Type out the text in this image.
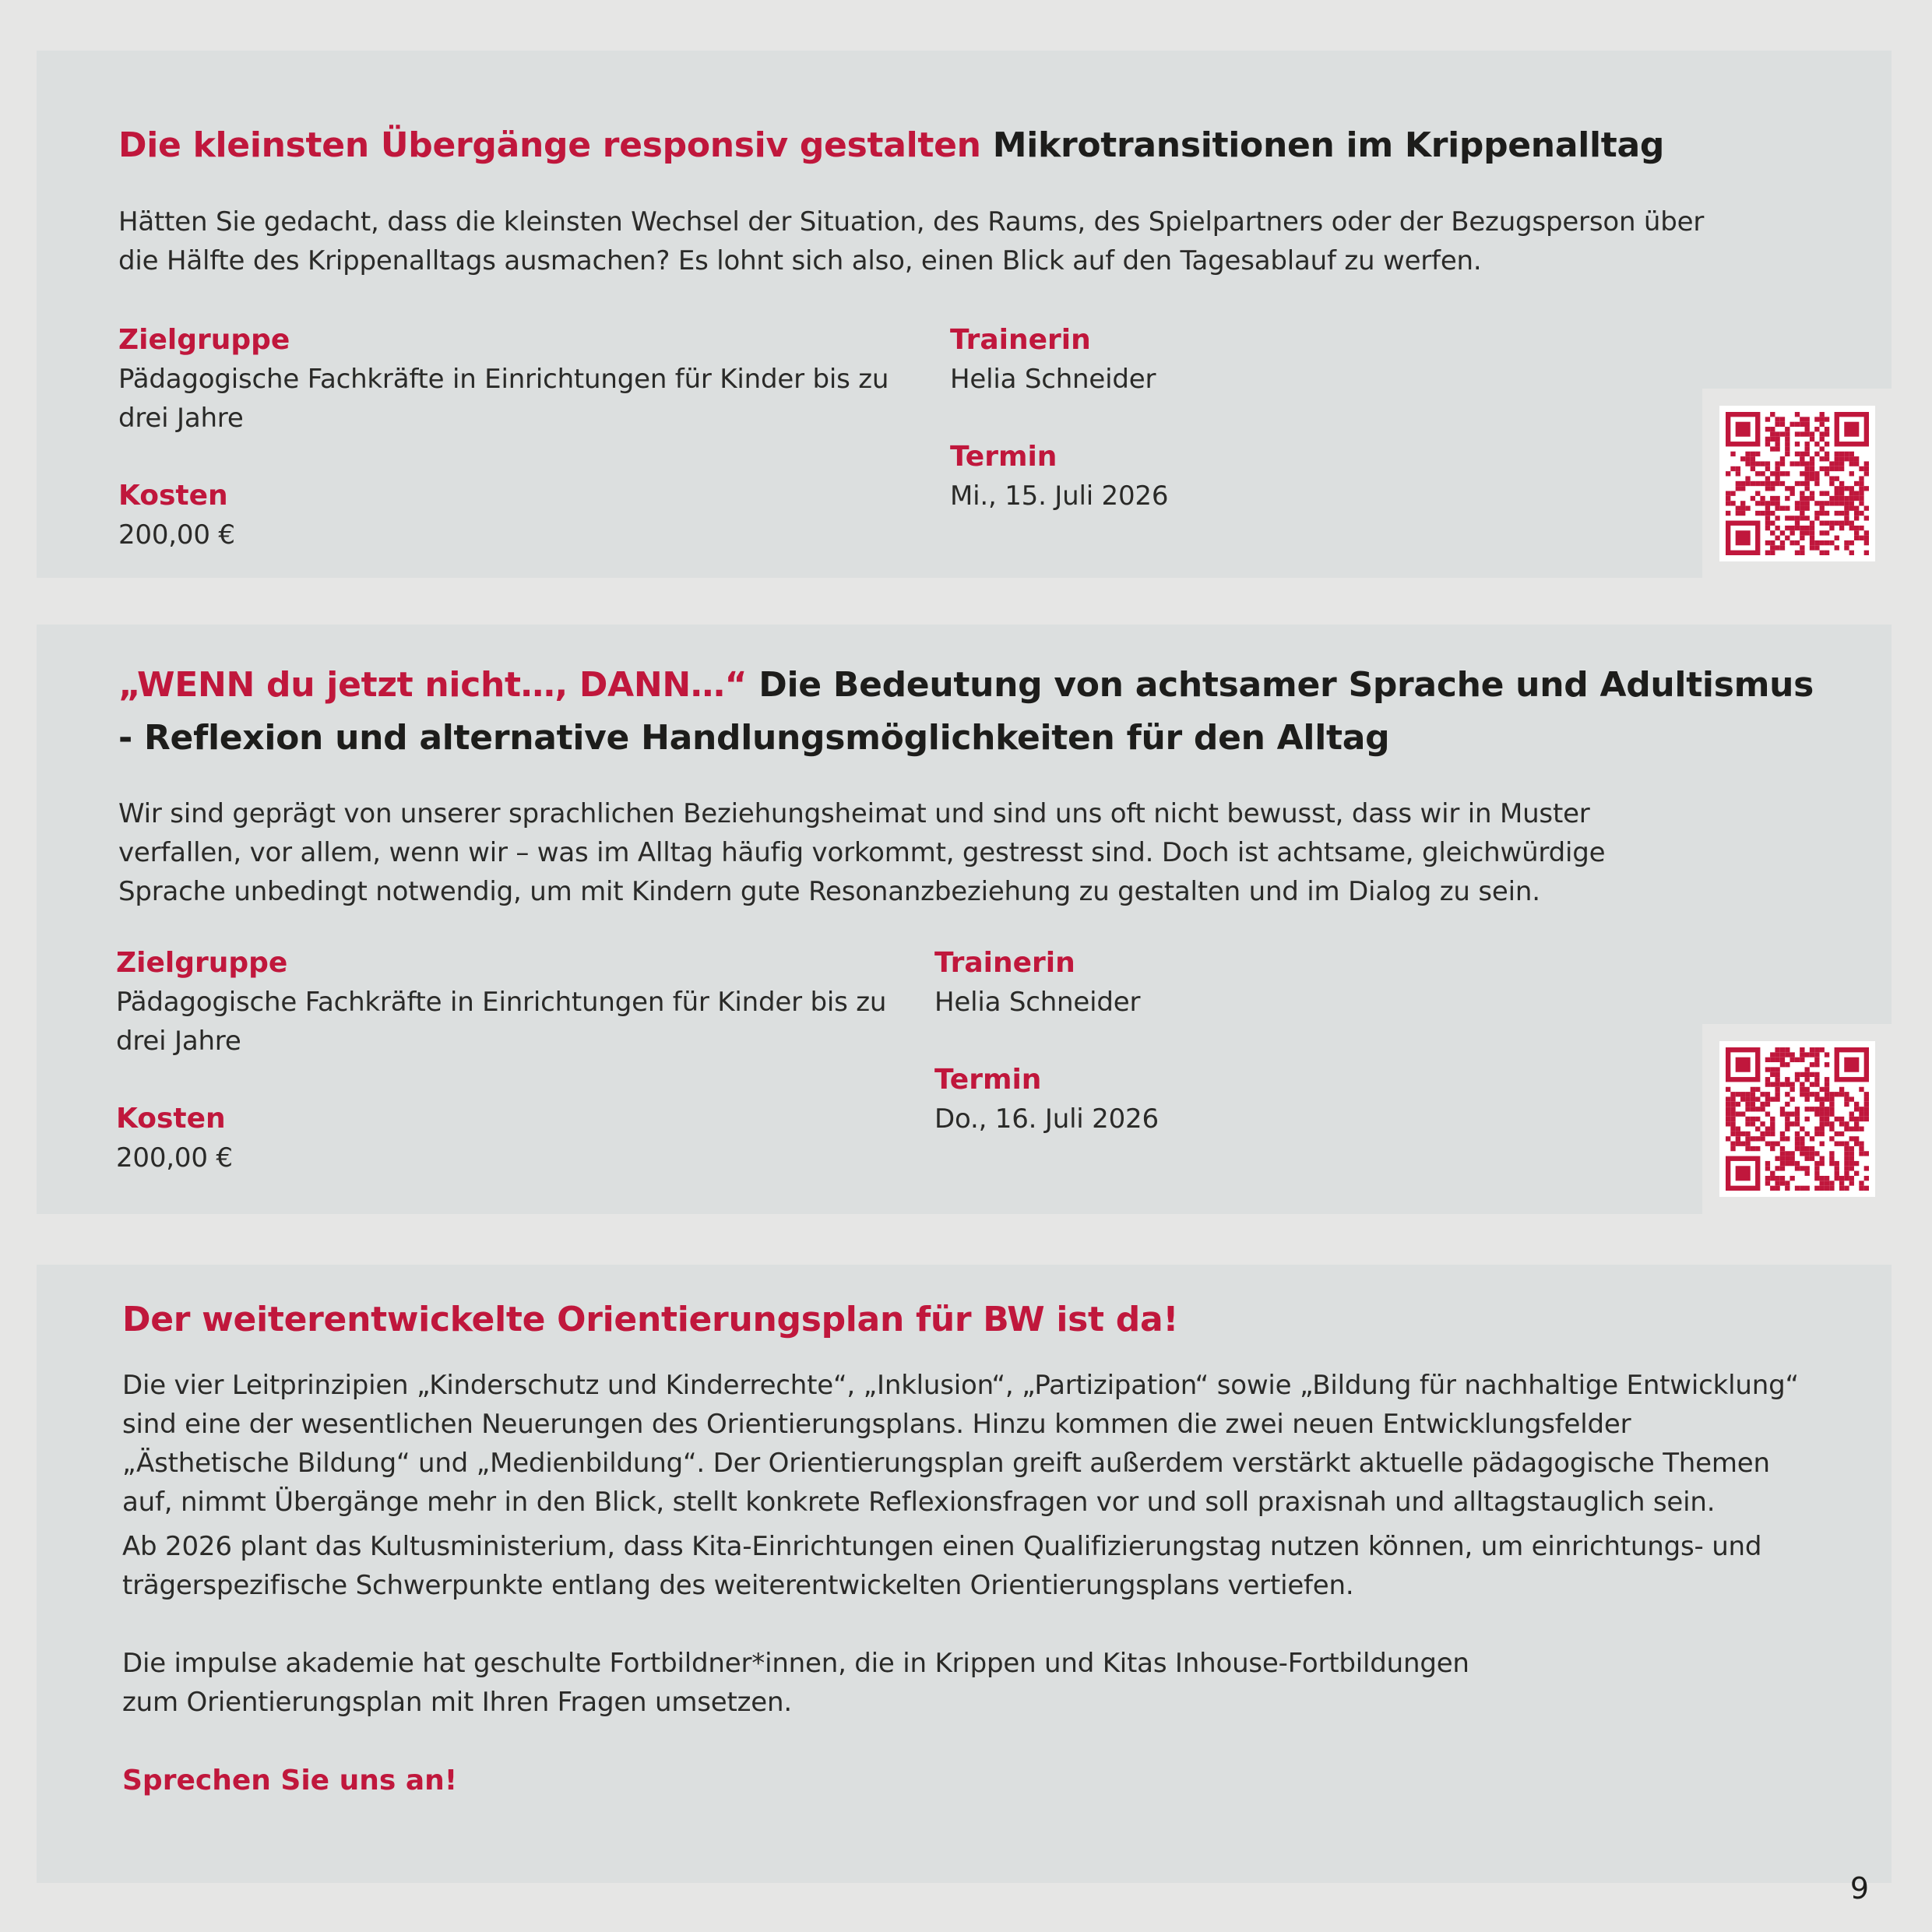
Die kleinsten Übergänge responsiv gestalten Mikrotransitionen im Krippenalltag

Hätten Sie gedacht, dass die kleinsten Wechsel der Situation, des Raums, des Spielpartners oder der Bezugsperson über
die Hälfte des Krippenalltags ausmachen? Es lohnt sich also, einen Blick auf den Tagesablauf zu werfen.

Zielgruppe

Pädagogische Fachkräfte in Einrichtungen für Kinder bis zu
drei Jahre

Kosten

200,00 €

Trainerin

Helia Schneider

Termin

Mi., 15. Juli 2026

„WENN du jetzt nicht…, DANN…“ Die Bedeutung von achtsamer Sprache und Adultismus
- Reflexion und alternative Handlungsmöglichkeiten für den Alltag

Wir sind geprägt von unserer sprachlichen Beziehungsheimat und sind uns oft nicht bewusst, dass wir in Muster
verfallen, vor allem, wenn wir – was im Alltag häufig vorkommt, gestresst sind. Doch ist achtsame, gleichwürdige
Sprache unbedingt notwendig, um mit Kindern gute Resonanzbeziehung zu gestalten und im Dialog zu sein.

Zielgruppe

Pädagogische Fachkräfte in Einrichtungen für Kinder bis zu
drei Jahre

Kosten

200,00 €

Trainerin

Helia Schneider

Termin

Do., 16. Juli 2026

Der weiterentwickelte Orientierungsplan für BW ist da!

Die vier Leitprinzipien „Kinderschutz und Kinderrechte“, „Inklusion“, „Partizipation“ sowie „Bildung für nachhaltige Entwicklung“
sind eine der wesentlichen Neuerungen des Orientierungsplans. Hinzu kommen die zwei neuen Entwicklungsfelder
„Ästhetische Bildung“ und „Medienbildung“. Der Orientierungsplan greift außerdem verstärkt aktuelle pädagogische Themen
auf, nimmt Übergänge mehr in den Blick, stellt konkrete Reflexionsfragen vor und soll praxisnah und alltagstauglich sein.

Ab 2026 plant das Kultusministerium, dass Kita-Einrichtungen einen Qualifizierungstag nutzen können, um einrichtungs- und
trägerspezifische Schwerpunkte entlang des weiterentwickelten Orientierungsplans vertiefen.

Die impulse akademie hat geschulte Fortbildner*innen, die in Krippen und Kitas Inhouse-Fortbildungen
zum Orientierungsplan mit Ihren Fragen umsetzen.

Sprechen Sie uns an!

9
